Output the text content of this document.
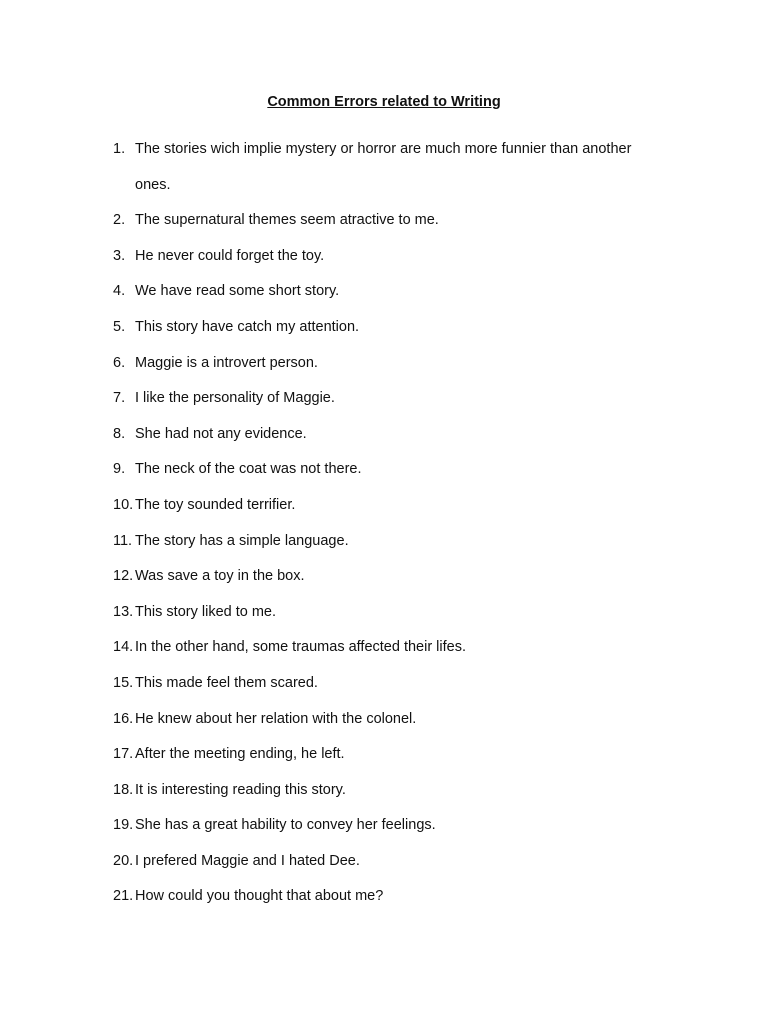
Common Errors related to Writing
1. The stories wich implie mystery or horror are much more funnier than another ones.
2. The supernatural themes seem atractive to me.
3. He never could forget the toy.
4. We have read some short story.
5. This story have catch my attention.
6. Maggie is a introvert person.
7. I like the personality of Maggie.
8. She had not any evidence.
9. The neck of the coat was not there.
10. The toy sounded terrifier.
11. The story has a simple language.
12. Was save a toy in the box.
13. This story liked to me.
14. In the other hand, some traumas affected their lifes.
15. This made feel them scared.
16. He knew about her relation with the colonel.
17. After the meeting ending, he left.
18. It is interesting reading this story.
19. She has a great hability to convey her feelings.
20. I prefered Maggie and I hated Dee.
21. How could you thought that about me?
